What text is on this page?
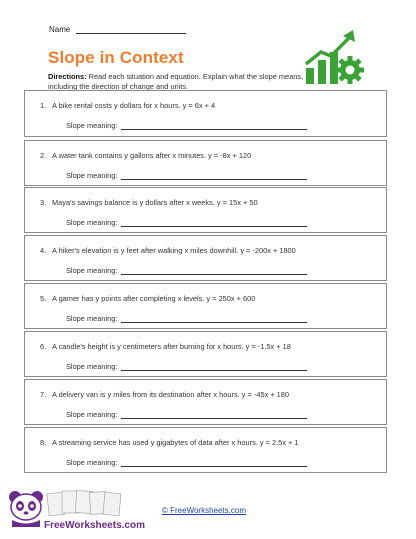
Name
Slope in Context
Directions: Read each situation and equation. Explain what the slope means, including the direction of change and units.
1. A bike rental costs y dollars for x hours. y = 6x + 4
Slope meaning:
2. A water tank contains y gallons after x minutes. y = -8x + 120
Slope meaning:
3. Maya's savings balance is y dollars after x weeks. y = 15x + 50
Slope meaning:
4. A hiker's elevation is y feet after walking x miles downhill. y = -200x + 1800
Slope meaning:
5. A gamer has y points after completing x levels. y = 250x + 600
Slope meaning:
6. A candle's height is y centimeters after burning for x hours. y = -1.5x + 18
Slope meaning:
7. A delivery van is y miles from its destination after x hours. y = -45x + 180
Slope meaning:
8. A streaming service has used y gigabytes of data after x hours. y = 2.5x + 1
Slope meaning:
FreeWorksheets.com
© FreeWorksheets.com
